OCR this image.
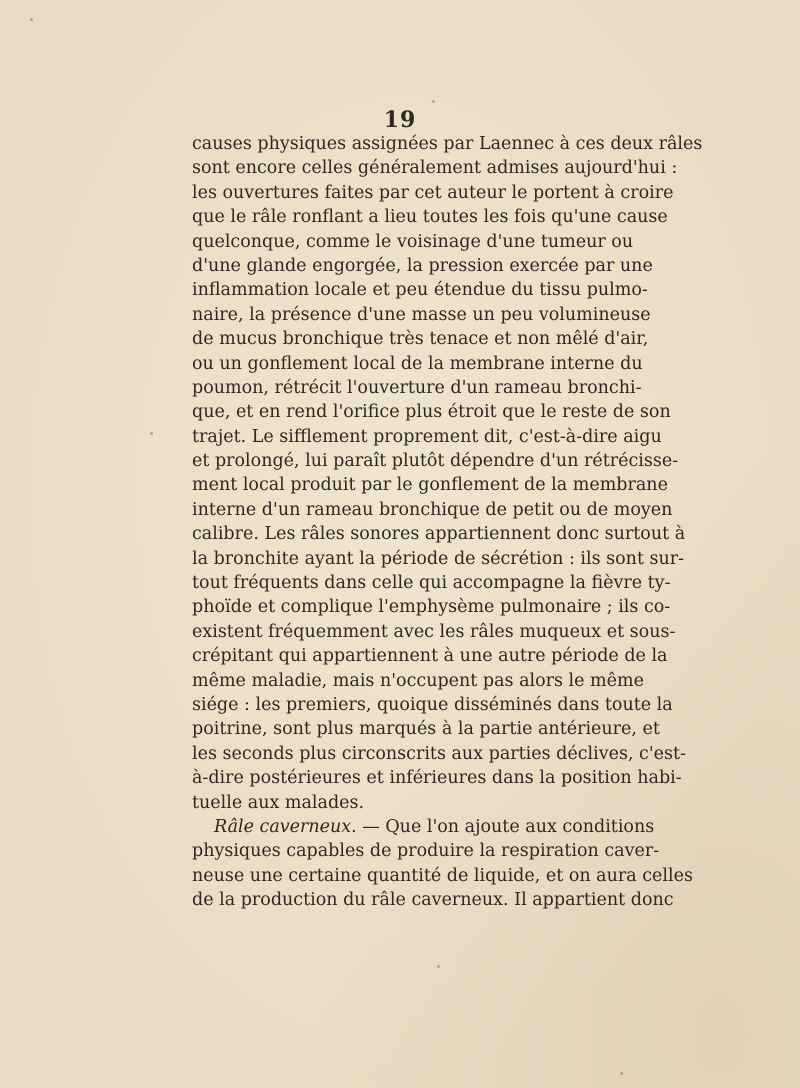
19
causes physiques assignées par Laennec à ces deux râles
sont encore celles généralement admises aujourd'hui :
les ouvertures faites par cet auteur le portent à croire
que le râle ronflant a lieu toutes les fois qu'une cause
quelconque, comme le voisinage d'une tumeur ou
d'une glande engorgée, la pression exercée par une
inflammation locale et peu étendue du tissu pulmo-
naire, la présence d'une masse un peu volumineuse
de mucus bronchique très tenace et non mêlé d'air,
ou un gonflement local de la membrane interne du
poumon, rétrécit l'ouverture d'un rameau bronchi-
que, et en rend l'orifice plus étroit que le reste de son
trajet. Le sifflement proprement dit, c'est-à-dire aigu
et prolongé, lui paraît plutôt dépendre d'un rétrécisse-
ment local produit par le gonflement de la membrane
interne d'un rameau bronchique de petit ou de moyen
calibre. Les râles sonores appartiennent donc surtout à
la bronchite ayant la période de sécrétion : ils sont sur-
tout fréquents dans celle qui accompagne la fièvre ty-
phoïde et complique l'emphysème pulmonaire ; ils co-
existent fréquemment avec les râles muqueux et sous-
crépitant qui appartiennent à une autre période de la
même maladie, mais n'occupent pas alors le même
siége : les premiers, quoique disséminés dans toute la
poitrine, sont plus marqués à la partie antérieure, et
les seconds plus circonscrits aux parties déclives, c'est-
à-dire postérieures et inférieures dans la position habi-
tuelle aux malades.
Râle caverneux. — Que l'on ajoute aux conditions
physiques capables de produire la respiration caver-
neuse une certaine quantité de liquide, et on aura celles
de la production du râle caverneux. Il appartient donc
